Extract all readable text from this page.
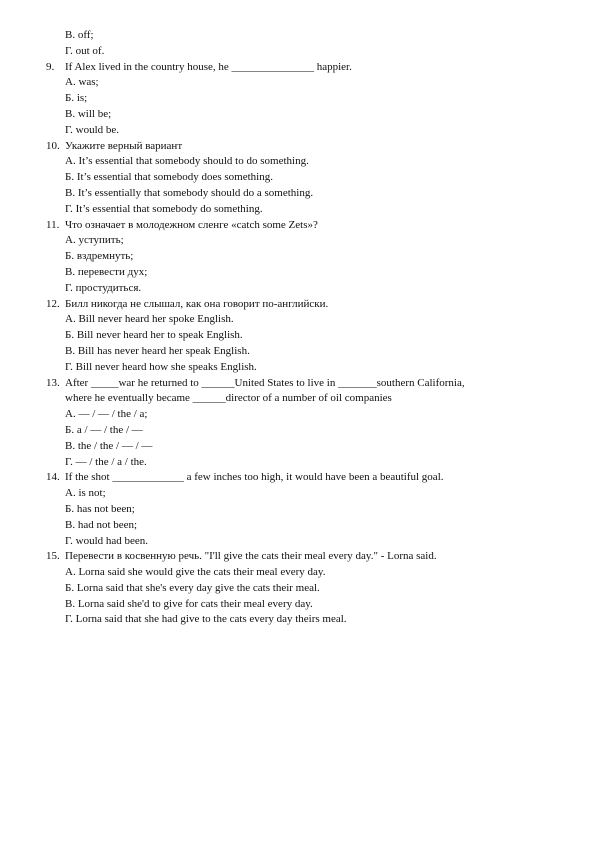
В. off;
Г. out of.
9. If Alex lived in the country house, he _______________ happier.
А. was;
Б. is;
В. will be;
Г. would be.
10. Укажите верный вариант
А. It’s essential that somebody should to do something.
Б. It’s essential that somebody does something.
В. It’s essentially that somebody should do a something.
Г. It’s essential that somebody do something.
11. Что означает в молодежном сленге «catch some Zets»?
А. уступить;
Б. вздремнуть;
В. перевести дух;
Г. простудиться.
12. Билл никогда не слышал, как она говорит по-английски.
А. Bill never heard her spoke English.
Б. Bill never heard her to speak English.
В. Bill has never heard her speak English.
Г. Bill never heard how she speaks English.
13. After _____war he returned to ______United States to live in _______southern California,
where he eventually became ______director of a number of oil companies
А. — / — / the / a;
Б. a / — / the / —
В. the / the / — / —
Г. — / the / a / the.
14. If the shot _____________ a few inches too high, it would have been a beautiful goal.
А. is not;
Б. has not been;
В. had not been;
Г. would had been.
15. Перевести в косвенную речь. "I'll give the cats their meal every day." - Lorna said.
А. Lorna said she would give the cats their meal every day.
Б. Lorna said that she's every day give the cats their meal.
В. Lorna said she'd to give for cats their meal every day.
Г. Lorna said that she had give to the cats every day theirs meal.
